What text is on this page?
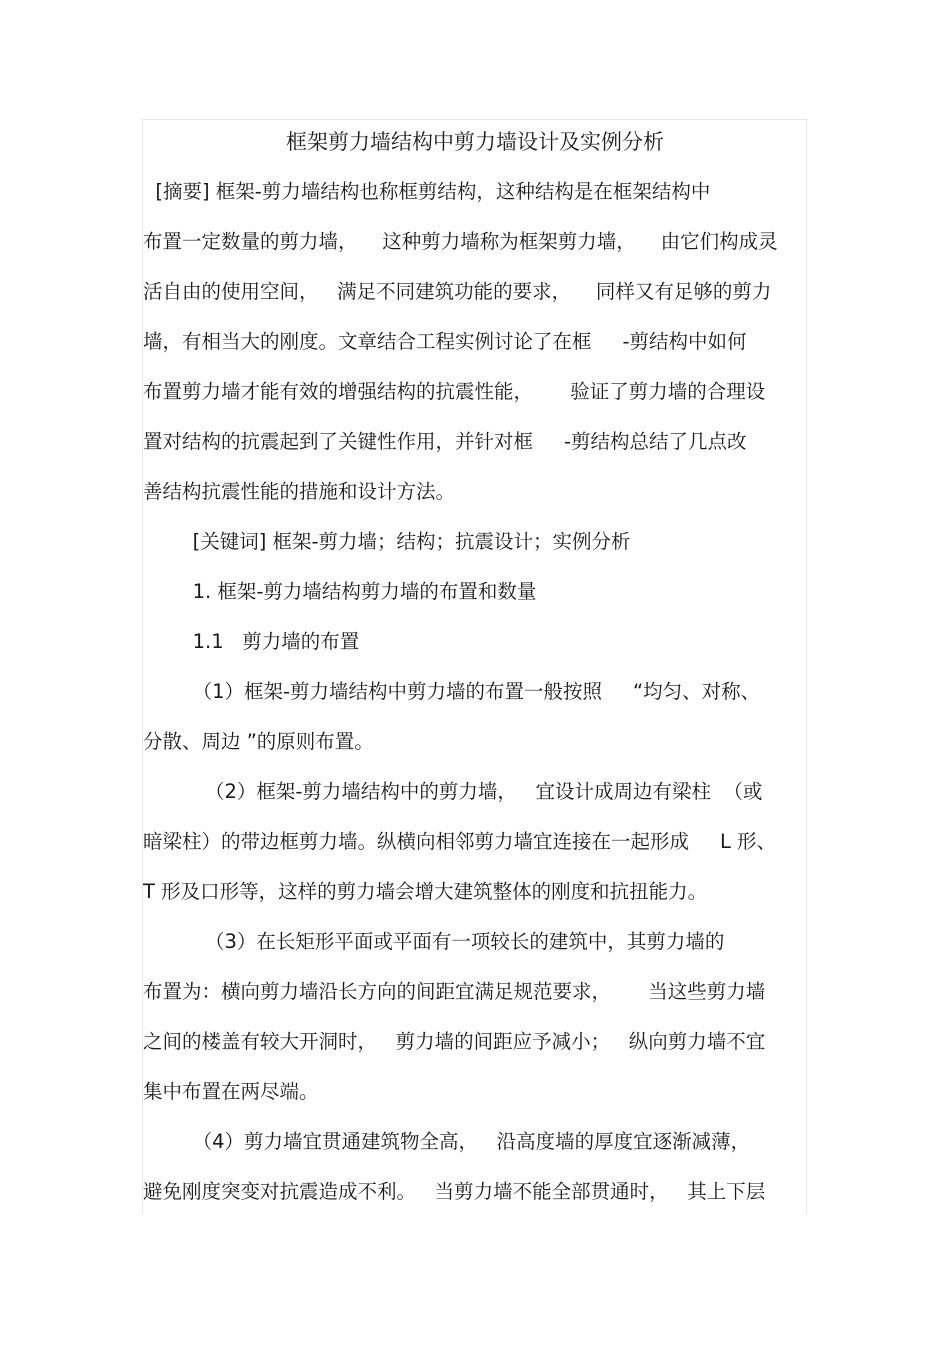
框架剪力墙结构中剪力墙设计及实例分析
[摘要] 框架-剪力墙结构也称框剪结构，这种结构是在框架结构中
布置一定数量的剪力墙，    这种剪力墙称为框架剪力墙，    由它们构成灵
活自由的使用空间，   满足不同建筑功能的要求，    同样又有足够的剪力
墙，有相当大的刚度。文章结合工程实例讨论了在框     -剪结构中如何
布置剪力墙才能有效的增强结构的抗震性能，      验证了剪力墙的合理设
置对结构的抗震起到了关键性作用，并针对框     -剪结构总结了几点改
善结构抗震性能的措施和设计方法。
[关键词] 框架-剪力墙；结构；抗震设计；实例分析
1. 框架-剪力墙结构剪力墙的布置和数量
1.1   剪力墙的布置
（1）框架-剪力墙结构中剪力墙的布置一般按照     “均匀、对称、
分散、周边 ”的原则布置。
（2）框架-剪力墙结构中的剪力墙，   宜设计成周边有梁柱  （或
暗梁柱）的带边框剪力墙。纵横向相邻剪力墙宜连接在一起形成     L 形、
T 形及口形等，这样的剪力墙会增大建筑整体的刚度和抗扭能力。
（3）在长矩形平面或平面有一项较长的建筑中，其剪力墙的
布置为：横向剪力墙沿长方向的间距宜满足规范要求，      当这些剪力墙
之间的楼盖有较大开洞时，   剪力墙的间距应予减小；   纵向剪力墙不宜
集中布置在两尽端。
（4）剪力墙宜贯通建筑物全高，   沿高度墙的厚度宜逐渐减薄，
避免刚度突变对抗震造成不利。   当剪力墙不能全部贯通时，   其上下层
